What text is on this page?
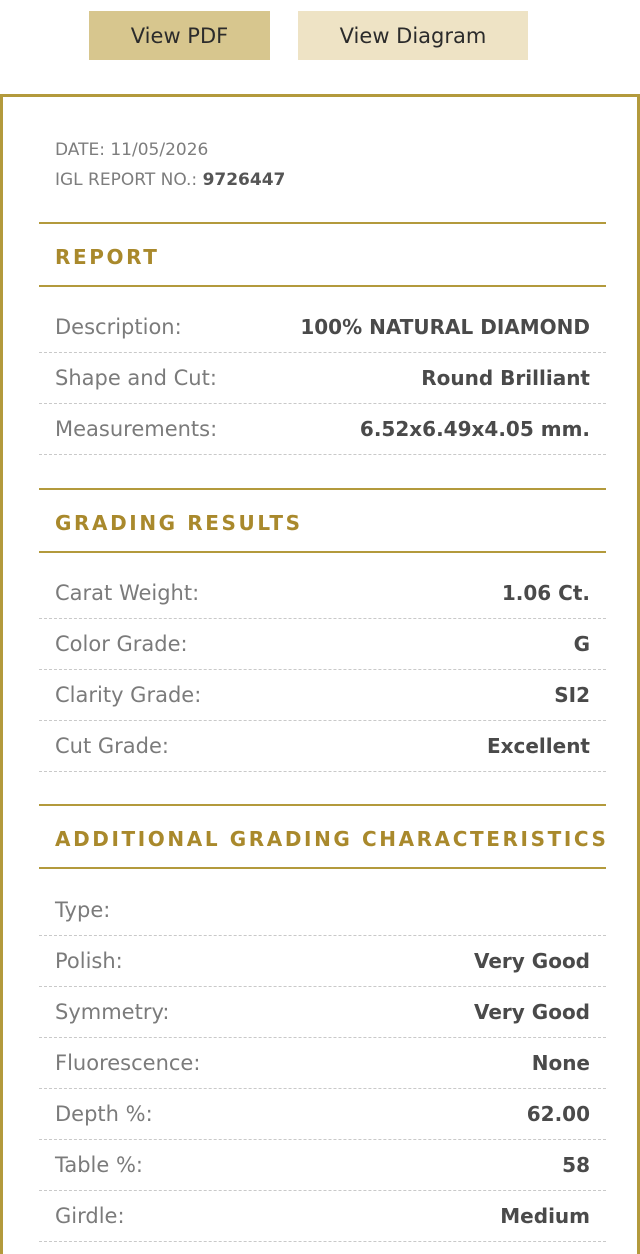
View PDF	View Diagram
DATE: 11/05/2026
IGL REPORT NO.: 9726447
REPORT
Description:	100% NATURAL DIAMOND
Shape and Cut:	Round Brilliant
Measurements:	6.52x6.49x4.05 mm.
GRADING RESULTS
Carat Weight:	1.06 Ct.
Color Grade:	G
Clarity Grade:	SI2
Cut Grade:	Excellent
ADDITIONAL GRADING CHARACTERISTICS
Type:
Polish:	Very Good
Symmetry:	Very Good
Fluorescence:	None
Depth %:	62.00
Table %:	58
Girdle:	Medium
